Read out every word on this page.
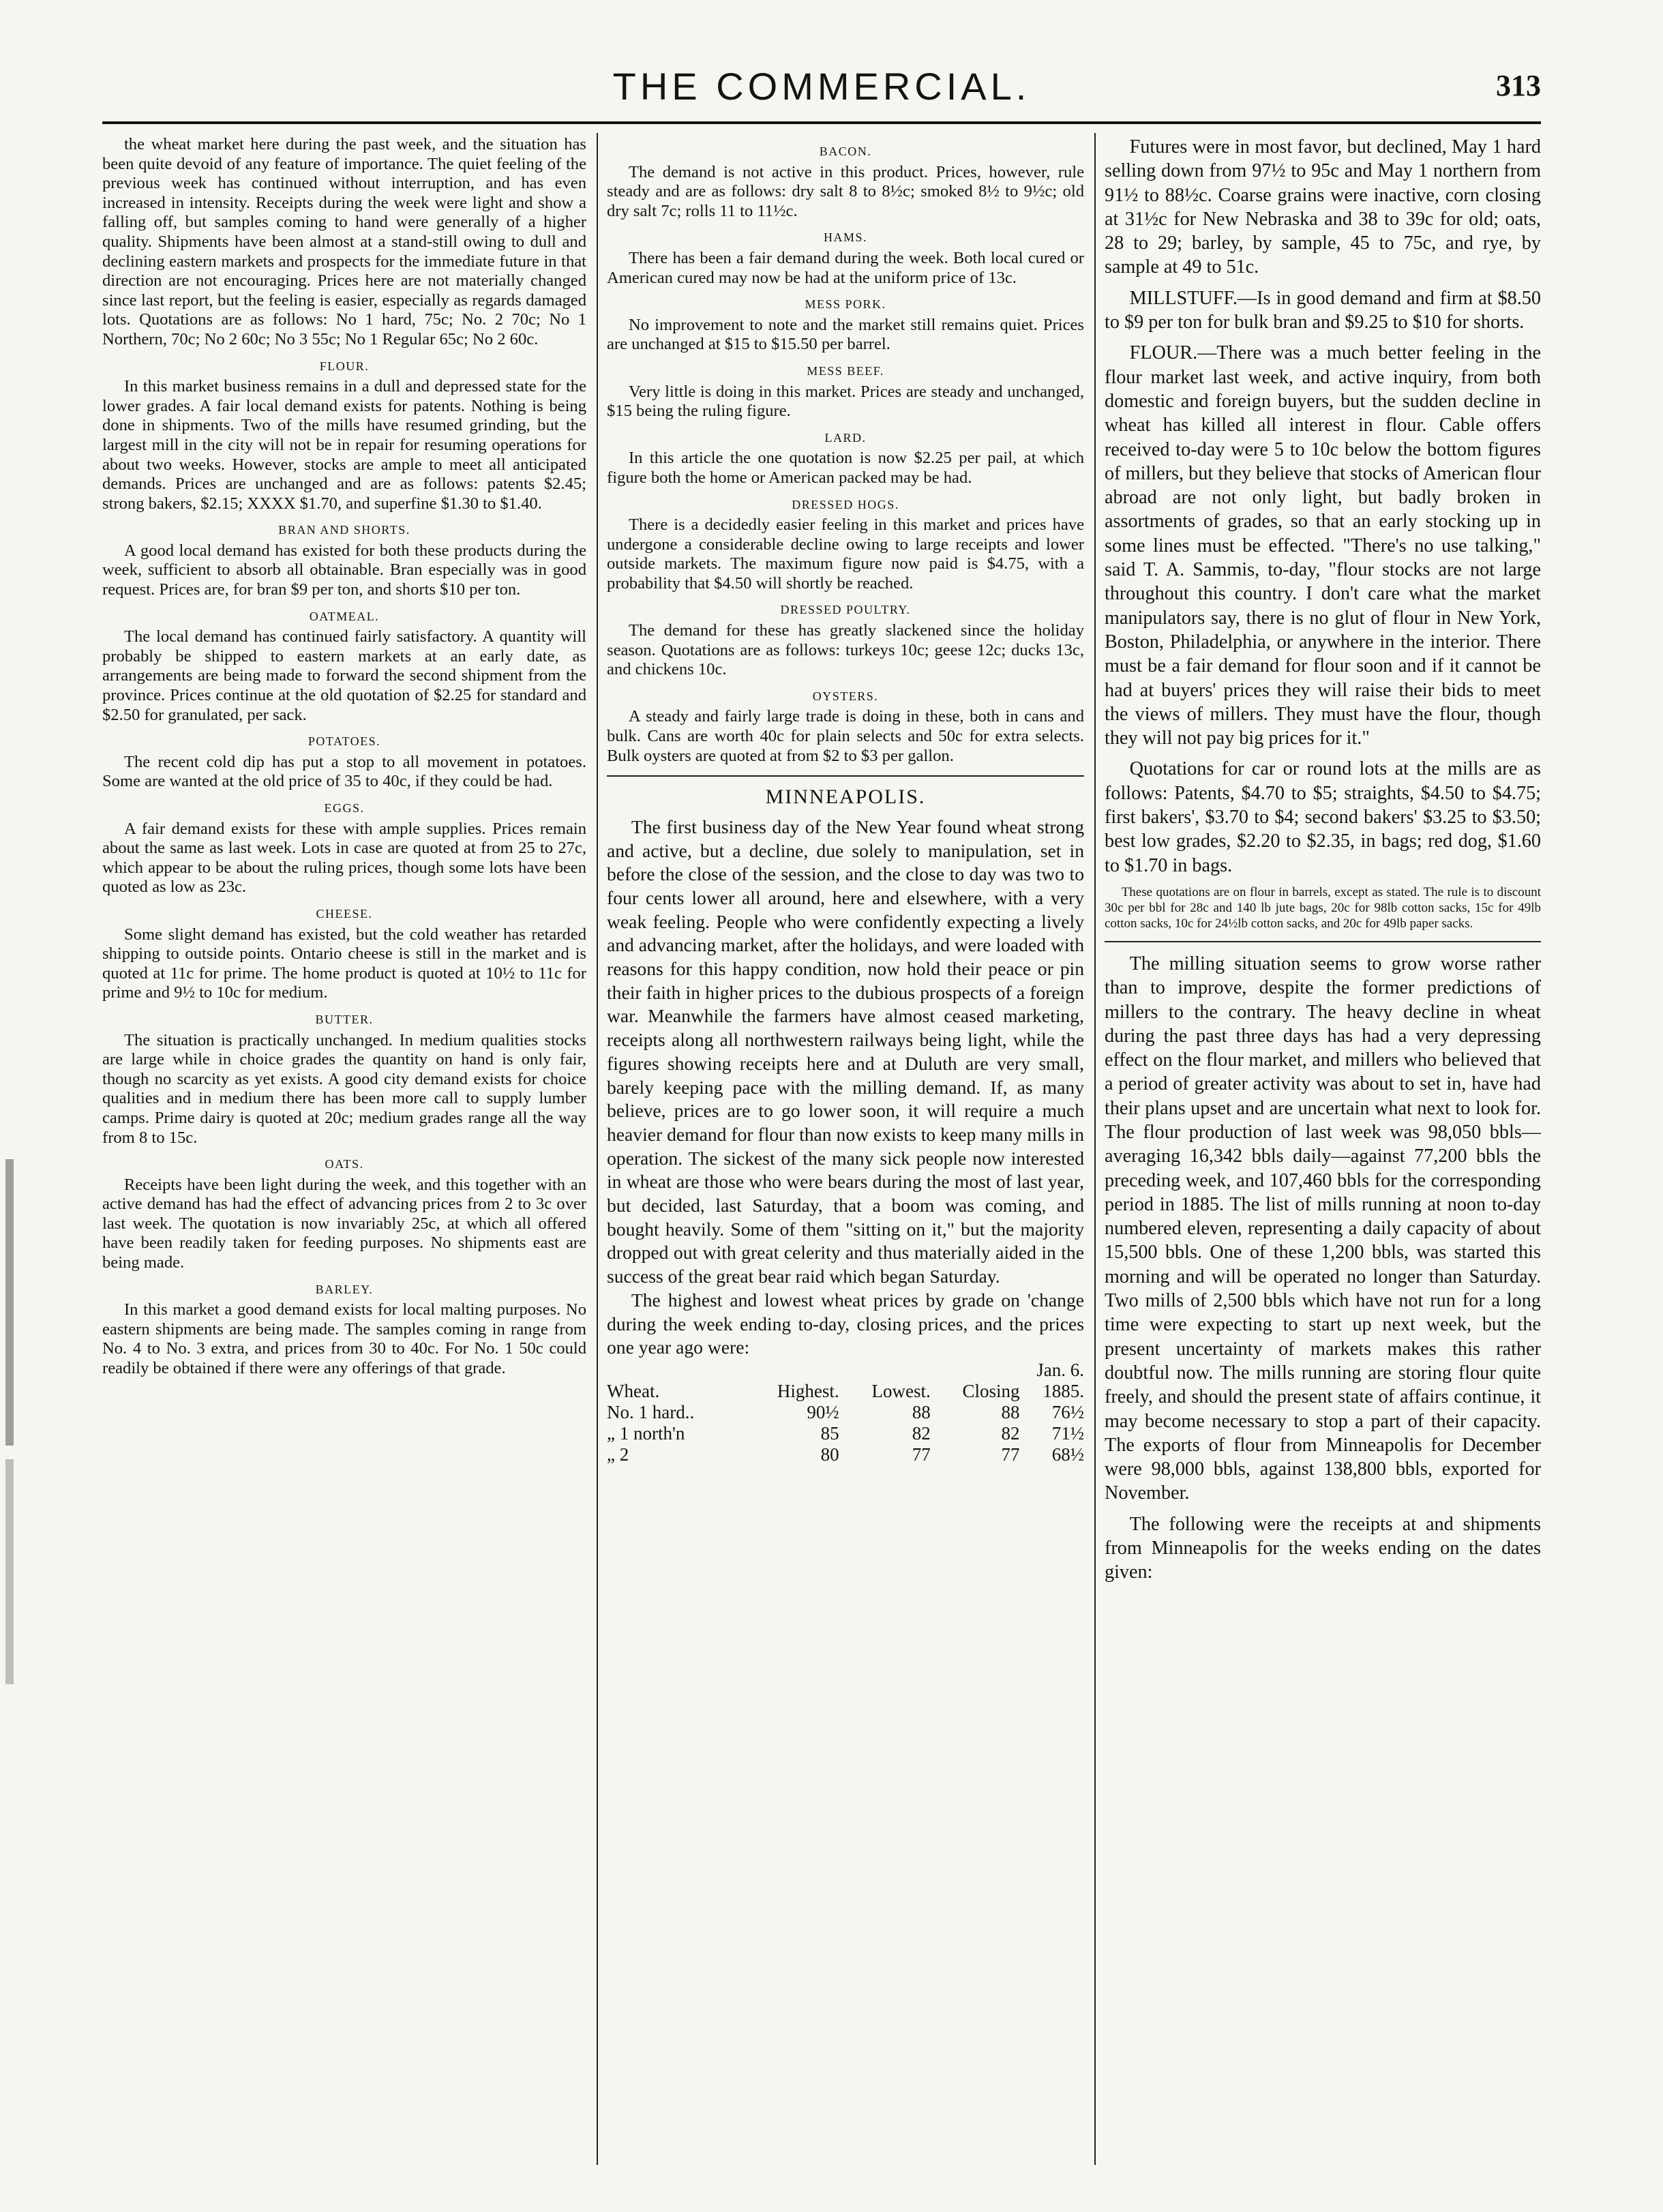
THE COMMERCIAL.	313

the wheat market here during the past week, and the situation has been quite devoid of any feature of importance. The quiet feeling of the previous week has continued without interruption, and has even increased in intensity. Receipts during the week were light and show a falling off, but samples coming to hand were generally of a higher quality. Shipments have been almost at a stand-still owing to dull and declining eastern markets and prospects for the immediate future in that direction are not encouraging. Prices here are not materially changed since last report, but the feeling is easier, especially as regards damaged lots. Quotations are as follows: No 1 hard, 75c; No. 2 70c; No 1 Northern, 70c; No 2 60c; No 3 55c; No 1 Regular 65c; No 2 60c.

FLOUR.

In this market business remains in a dull and depressed state for the lower grades. A fair local demand exists for patents. Nothing is being done in shipments. Two of the mills have resumed grinding, but the largest mill in the city will not be in repair for resuming operations for about two weeks. However, stocks are ample to meet all anticipated demands. Prices are unchanged and are as follows: patents $2.45; strong bakers, $2.15; XXXX $1.70, and superfine $1.30 to $1.40.

BRAN AND SHORTS.

A good local demand has existed for both these products during the week, sufficient to absorb all obtainable. Bran especially was in good request. Prices are, for bran $9 per ton, and shorts $10 per ton.

OATMEAL.

The local demand has continued fairly satisfactory. A quantity will probably be shipped to eastern markets at an early date, as arrangements are being made to forward the second shipment from the province. Prices continue at the old quotation of $2.25 for standard and $2.50 for granulated, per sack.

POTATOES.

The recent cold dip has put a stop to all movement in potatoes. Some are wanted at the old price of 35 to 40c, if they could be had.

EGGS.

A fair demand exists for these with ample supplies. Prices remain about the same as last week. Lots in case are quoted at from 25 to 27c, which appear to be about the ruling prices, though some lots have been quoted as low as 23c.

CHEESE.

Some slight demand has existed, but the cold weather has retarded shipping to outside points. Ontario cheese is still in the market and is quoted at 11c for prime. The home product is quoted at 10½ to 11c for prime and 9½ to 10c for medium.

BUTTER.

The situation is practically unchanged. In medium qualities stocks are large while in choice grades the quantity on hand is only fair, though no scarcity as yet exists. A good city demand exists for choice qualities and in medium there has been more call to supply lumber camps. Prime dairy is quoted at 20c; medium grades range all the way from 8 to 15c.

OATS.

Receipts have been light during the week, and this together with an active demand has had the effect of advancing prices from 2 to 3c over last week. The quotation is now invariably 25c, at which all offered have been readily taken for feeding purposes. No shipments east are being made.

BARLEY.

In this market a good demand exists for local malting purposes. No eastern shipments are being made. The samples coming in range from No. 4 to No. 3 extra, and prices from 30 to 40c. For No. 1 50c could readily be obtained if there were any offerings of that grade.

BACON.

The demand is not active in this product. Prices, however, rule steady and are as follows: dry salt 8 to 8½c; smoked 8½ to 9½c; old dry salt 7c; rolls 11 to 11½c.

HAMS.

There has been a fair demand during the week. Both local cured or American cured may now be had at the uniform price of 13c.

MESS PORK.

No improvement to note and the market still remains quiet. Prices are unchanged at $15 to $15.50 per barrel.

MESS BEEF.

Very little is doing in this market. Prices are steady and unchanged, $15 being the ruling figure.

LARD.

In this article the one quotation is now $2.25 per pail, at which figure both the home or American packed may be had.

DRESSED HOGS.

There is a decidedly easier feeling in this market and prices have undergone a considerable decline owing to large receipts and lower outside markets. The maximum figure now paid is $4.75, with a probability that $4.50 will shortly be reached.

DRESSED POULTRY.

The demand for these has greatly slackened since the holiday season. Quotations are as follows: turkeys 10c; geese 12c; ducks 13c, and chickens 10c.

OYSTERS.

A steady and fairly large trade is doing in these, both in cans and bulk. Cans are worth 40c for plain selects and 50c for extra selects. Bulk oysters are quoted at from $2 to $3 per gallon.

MINNEAPOLIS.

The first business day of the New Year found wheat strong and active, but a decline, due solely to manipulation, set in before the close of the session, and the close to day was two to four cents lower all around, here and elsewhere, with a very weak feeling. People who were confidently expecting a lively and advancing market, after the holidays, and were loaded with reasons for this happy condition, now hold their peace or pin their faith in higher prices to the dubious prospects of a foreign war. Meanwhile the farmers have almost ceased marketing, receipts along all northwestern railways being light, while the figures showing receipts here and at Duluth are very small, barely keeping pace with the milling demand. If, as many believe, prices are to go lower soon, it will require a much heavier demand for flour than now exists to keep many mills in operation. The sickest of the many sick people now interested in wheat are those who were bears during the most of last year, but decided, last Saturday, that a boom was coming, and bought heavily. Some of them "sitting on it," but the majority dropped out with great celerity and thus materially aided in the success of the great bear raid which began Saturday.

The highest and lowest wheat prices by grade on 'change during the week ending to-day, closing prices, and the prices one year ago were:

Jan. 6.
Wheat.	Highest.	Lowest.	Closing	1885.
No. 1 hard..	90½	88	88	76½
„ 1 north'n	85	82	82	71½
„ 2	80	77	77	68½

Futures were in most favor, but declined, May 1 hard selling down from 97½ to 95c and May 1 northern from 91½ to 88½c. Coarse grains were inactive, corn closing at 31½c for New Nebraska and 38 to 39c for old; oats, 28 to 29; barley, by sample, 45 to 75c, and rye, by sample at 49 to 51c.

MILLSTUFF.—Is in good demand and firm at $8.50 to $9 per ton for bulk bran and $9.25 to $10 for shorts.

FLOUR.—There was a much better feeling in the flour market last week, and active inquiry, from both domestic and foreign buyers, but the sudden decline in wheat has killed all interest in flour. Cable offers received to-day were 5 to 10c below the bottom figures of millers, but they believe that stocks of American flour abroad are not only light, but badly broken in assortments of grades, so that an early stocking up in some lines must be effected. "There's no use talking," said T. A. Sammis, to-day, "flour stocks are not large throughout this country. I don't care what the market manipulators say, there is no glut of flour in New York, Boston, Philadelphia, or anywhere in the interior. There must be a fair demand for flour soon and if it cannot be had at buyers' prices they will raise their bids to meet the views of millers. They must have the flour, though they will not pay big prices for it."

Quotations for car or round lots at the mills are as follows: Patents, $4.70 to $5; straights, $4.50 to $4.75; first bakers', $3.70 to $4; second bakers' $3.25 to $3.50; best low grades, $2.20 to $2.35, in bags; red dog, $1.60 to $1.70 in bags.

These quotations are on flour in barrels, except as stated. The rule is to discount 30c per bbl for 28c and 140 lb jute bags, 20c for 98lb cotton sacks, 15c for 49lb cotton sacks, 10c for 24½lb cotton sacks, and 20c for 49lb paper sacks.

The milling situation seems to grow worse rather than to improve, despite the former predictions of millers to the contrary. The heavy decline in wheat during the past three days has had a very depressing effect on the flour market, and millers who believed that a period of greater activity was about to set in, have had their plans upset and are uncertain what next to look for. The flour production of last week was 98,050 bbls—averaging 16,342 bbls daily—against 77,200 bbls the preceding week, and 107,460 bbls for the corresponding period in 1885. The list of mills running at noon to-day numbered eleven, representing a daily capacity of about 15,500 bbls. One of these 1,200 bbls, was started this morning and will be operated no longer than Saturday. Two mills of 2,500 bbls which have not run for a long time were expecting to start up next week, but the present uncertainty of markets makes this rather doubtful now. The mills running are storing flour quite freely, and should the present state of affairs continue, it may become necessary to stop a part of their capacity. The exports of flour from Minneapolis for December were 98,000 bbls, against 138,800 bbls, exported for November.

The following were the receipts at and shipments from Minneapolis for the weeks ending on the dates given:
